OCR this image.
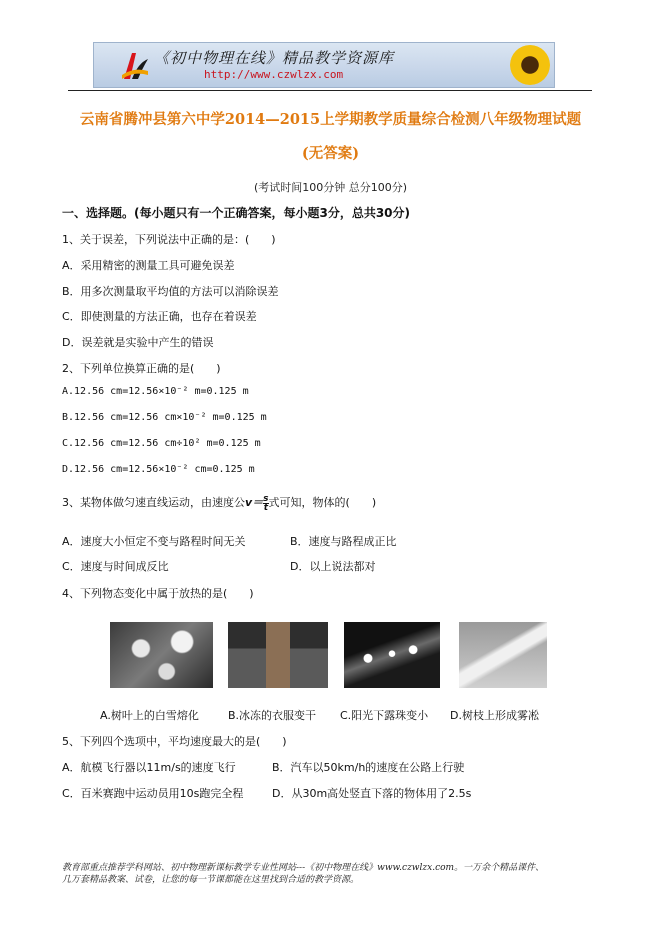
《初中物理在线》精品教学资源库
http://www.czwlzx.com
云南省腾冲县第六中学2014—2015上学期教学质量综合检测八年级物理试题
(无答案)
(考试时间100分钟 总分100分)
一、选择题。(每小题只有一个正确答案，每小题3分，总共30分)
1、关于误差，下列说法中正确的是：(　　)
A．采用精密的测量工具可避免误差
B．用多次测量取平均值的方法可以消除误差
C．即使测量的方法正确，也存在着误差
D．误差就是实验中产生的错误
2、下列单位换算正确的是(　　)
A.12.56 cm=12.56×10⁻² m=0.125 m
B.12.56 cm=12.56 cm×10⁻² m=0.125 m
C.12.56 cm=12.56 cm÷10² m=0.125 m
D.12.56 cm=12.56×10⁻² cm=0.125 m
3、某物体做匀速直线运动，由速度公$v= \frac{s}{t}$ 式可知，物体的(　　)
A．速度大小恒定不变与路程时间无关	B．速度与路程成正比
C．速度与时间成反比	D．以上说法都对
4、下列物态变化中属于放热的是(　　)
A.树叶上的白雪熔化	B.冰冻的衣服变干 C.阳光下露珠变小 D.树枝上形成雾凇
5、下列四个选项中，平均速度最大的是(　　)
A．航模飞行器以11m/s的速度飞行	B．汽车以50km/h的速度在公路上行驶
C．百米赛跑中运动员用10s跑完全程	D．从30m高处竖直下落的物体用了2.5s
教育部重点推荐学科网站、初中物理新课标教学专业性网站---《初中物理在线》www.czwlzx.com。一万余个精品课件、
几万套精品教案、试卷，让您的每一节课都能在这里找到合适的教学资源。
